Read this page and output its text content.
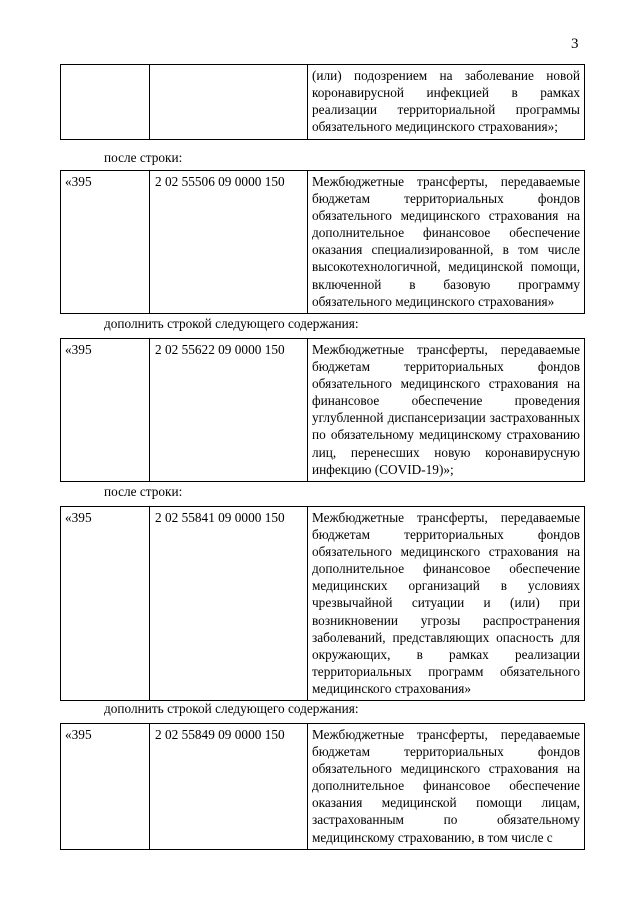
3
		(или) подозрением на заболевание новой коронавирусной инфекцией в рамках реализации территориальной программы обязательного медицинского страхования»;
после строки:
«395	2 02 55506 09 0000 150	Межбюджетные трансферты, передаваемые бюджетам территориальных фондов обязательного медицинского страхования на дополнительное финансовое обеспечение оказания специализированной, в том числе высокотехнологичной, медицинской помощи, включенной в базовую программу обязательного медицинского страхования»
дополнить строкой следующего содержания:
«395	2 02 55622 09 0000 150	Межбюджетные трансферты, передаваемые бюджетам территориальных фондов обязательного медицинского страхования на финансовое обеспечение проведения углубленной диспансеризации застрахованных по обязательному медицинскому страхованию лиц, перенесших новую коронавирусную инфекцию (COVID-19)»;
после строки:
«395	2 02 55841 09 0000 150	Межбюджетные трансферты, передаваемые бюджетам территориальных фондов обязательного медицинского страхования на дополнительное финансовое обеспечение медицинских организаций в условиях чрезвычайной ситуации и (или) при возникновении угрозы распространения заболеваний, представляющих опасность для окружающих, в рамках реализации территориальных программ обязательного медицинского страхования»
дополнить строкой следующего содержания:
«395	2 02 55849 09 0000 150	Межбюджетные трансферты, передаваемые бюджетам территориальных фондов обязательного медицинского страхования на дополнительное финансовое обеспечение оказания медицинской помощи лицам, застрахованным по обязательному медицинскому страхованию, в том числе с
